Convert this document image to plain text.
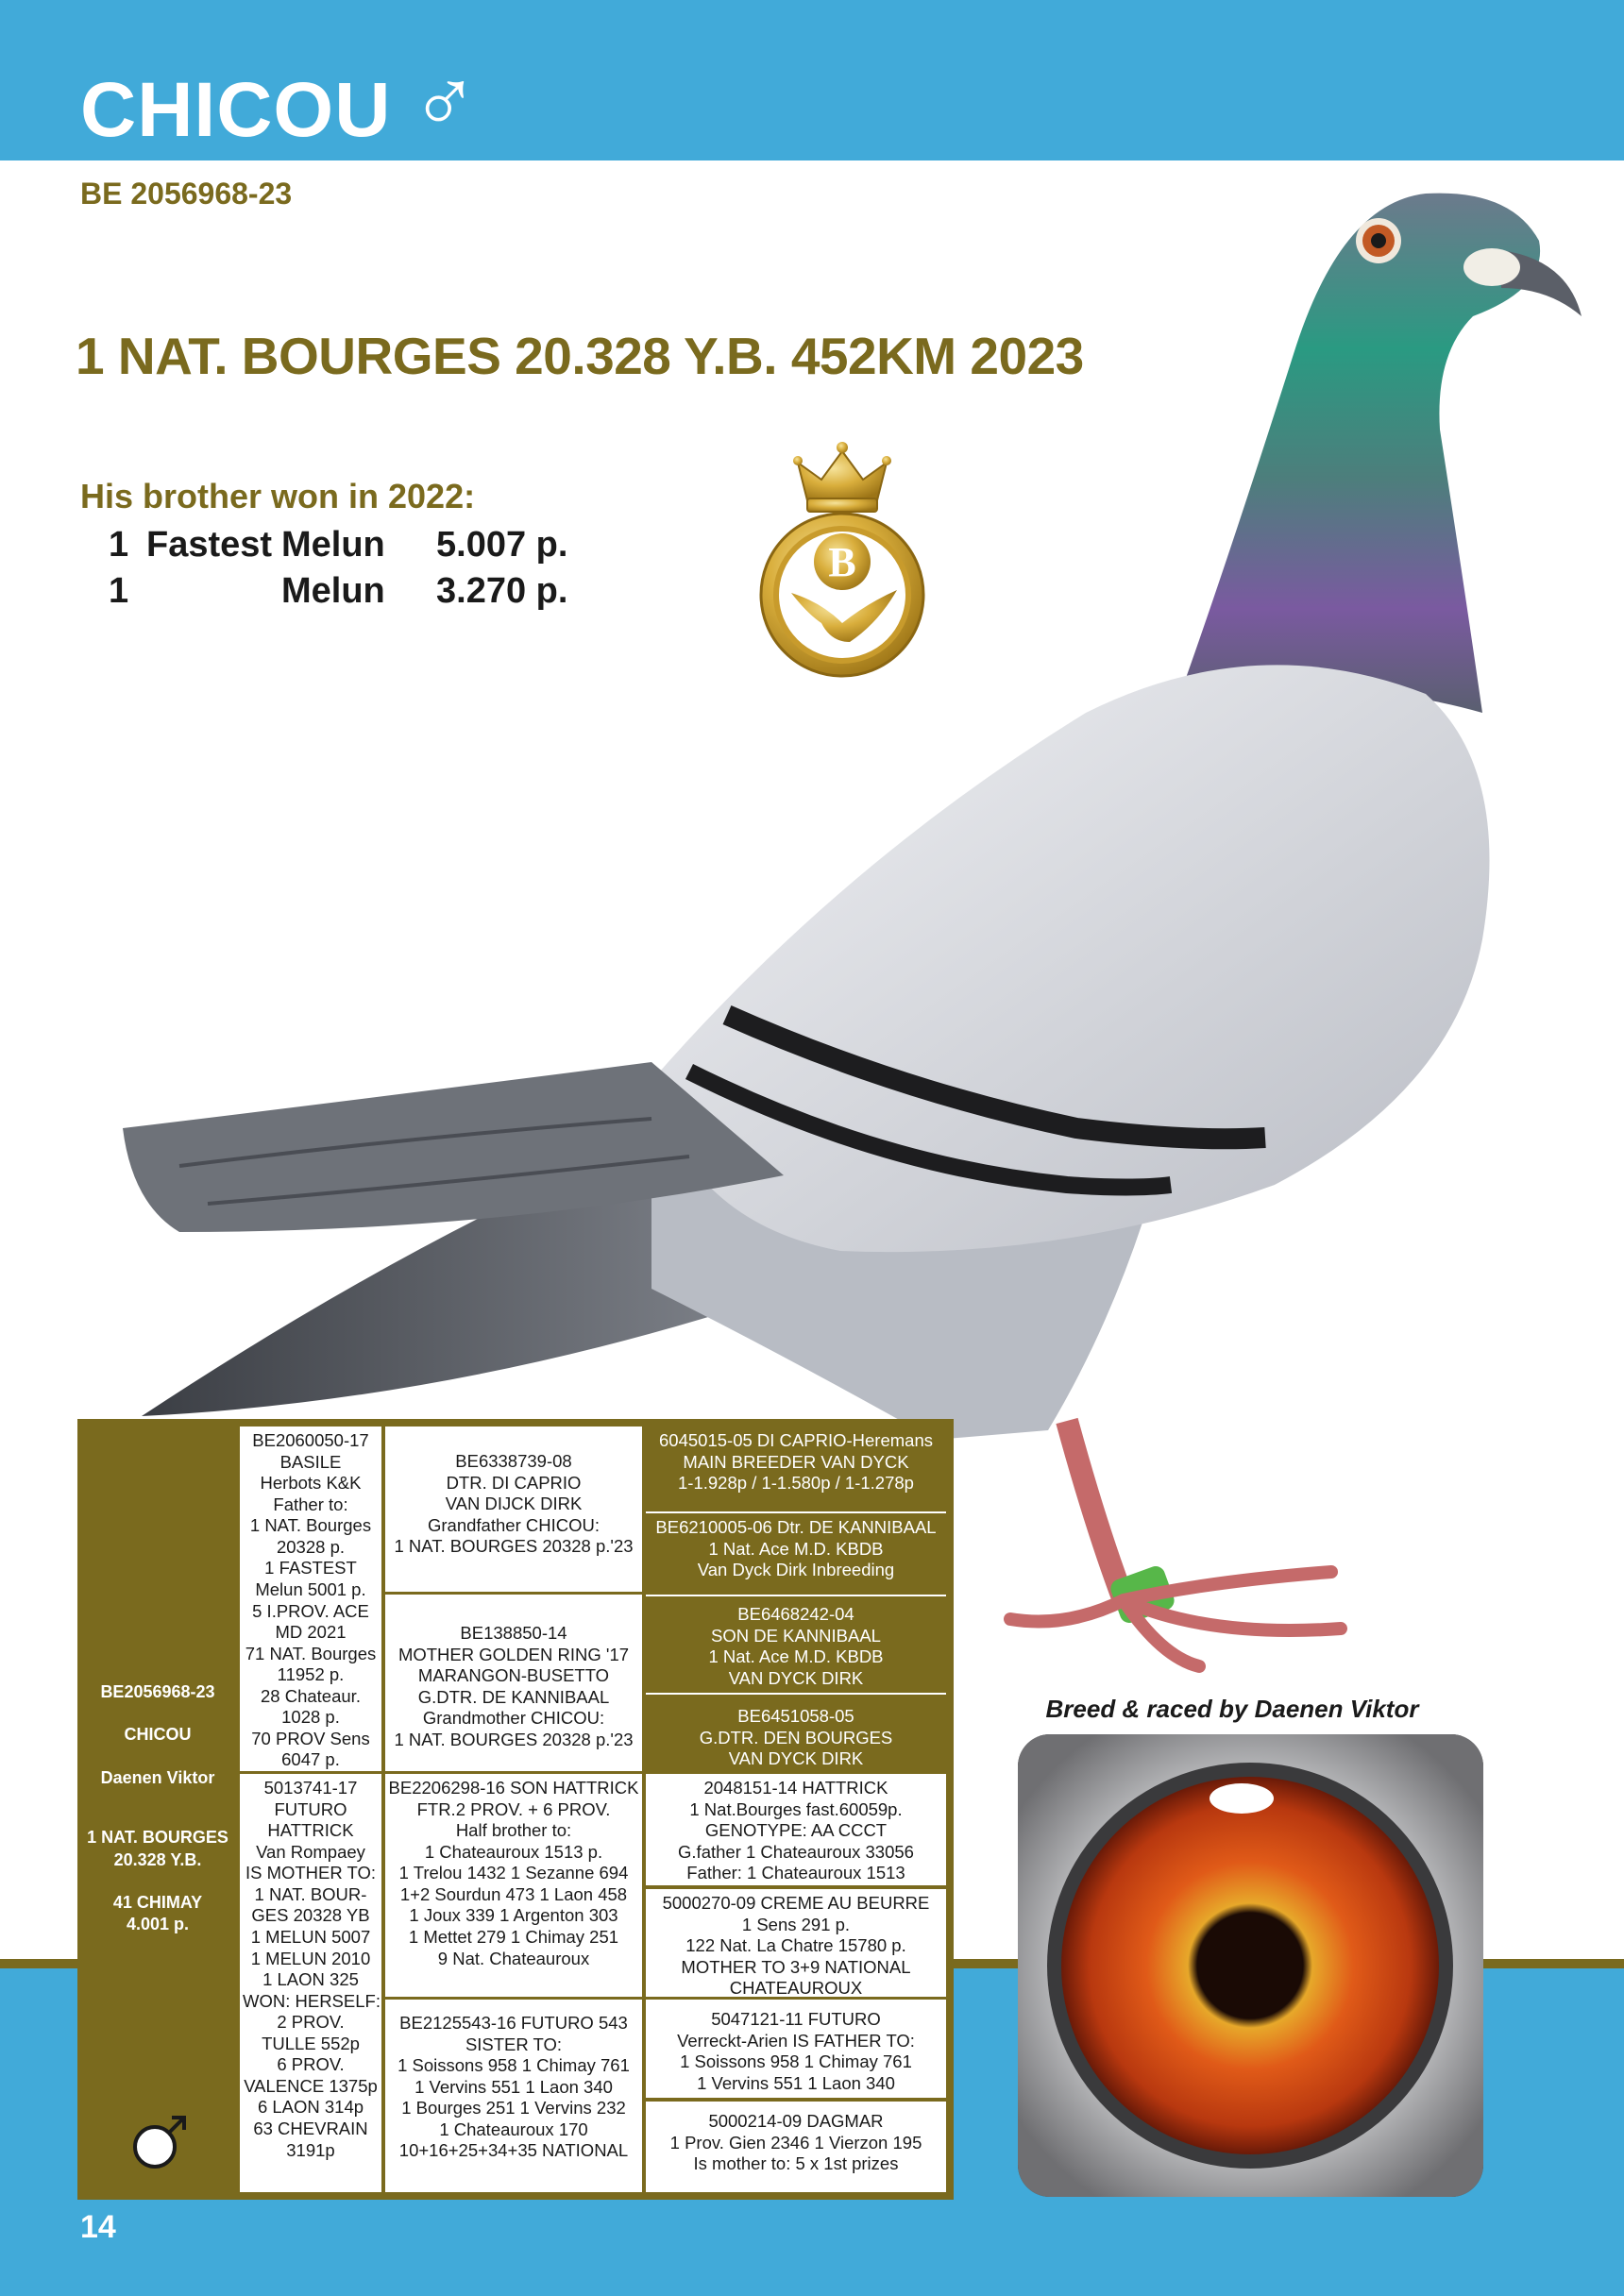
CHICOU ♂
BE 2056968-23
1 NAT. BOURGES 20.328 Y.B. 452KM 2023
His brother won in 2022:
1 Fastest Melun 5.007 p.
1	Melun 3.270 p.
B
BE2056968-23
CHICOU
Daenen Viktor
1 NAT. BOURGES
20.328 Y.B.
41 CHIMAY
4.001 p.
BE2060050-17
BASILE
Herbots K&K
Father to:
1 NAT. Bourges
20328 p.
1 FASTEST
Melun 5001 p.
5 I.PROV. ACE
MD 2021
71 NAT. Bourges
11952 p.
28 Chateaur.
1028 p.
70 PROV Sens
6047 p.
5013741-17
FUTURO
HATTRICK
Van Rompaey
IS MOTHER TO:
1 NAT. BOUR-
GES 20328 YB
1 MELUN 5007
1 MELUN 2010
1 LAON 325
WON: HERSELF:
2 PROV.
TULLE 552p
6 PROV.
VALENCE 1375p
6 LAON 314p
63 CHEVRAIN
3191p
BE6338739-08
DTR. DI CAPRIO
VAN DIJCK DIRK
Grandfather CHICOU:
1 NAT. BOURGES 20328 p.'23
BE138850-14
MOTHER GOLDEN RING '17
MARANGON-BUSETTO
G.DTR. DE KANNIBAAL
Grandmother CHICOU:
1 NAT. BOURGES 20328 p.'23
BE2206298-16 SON HATTRICK
FTR.2 PROV. + 6 PROV.
Half brother to:
1 Chateauroux 1513 p.
1 Trelou 1432 1 Sezanne 694
1+2 Sourdun 473 1 Laon 458
1 Joux 339 1 Argenton 303
1 Mettet 279 1 Chimay 251
9 Nat. Chateauroux
BE2125543-16 FUTURO 543
SISTER TO:
1 Soissons 958 1 Chimay 761
1 Vervins 551 1 Laon 340
1 Bourges 251 1 Vervins 232
1 Chateauroux 170
10+16+25+34+35 NATIONAL
6045015-05 DI CAPRIO-Heremans
MAIN BREEDER VAN DYCK
1-1.928p / 1-1.580p / 1-1.278p
BE6210005-06 Dtr. DE KANNIBAAL
1 Nat. Ace M.D. KBDB
Van Dyck Dirk Inbreeding
BE6468242-04
SON DE KANNIBAAL
1 Nat. Ace M.D. KBDB
VAN DYCK DIRK
BE6451058-05
G.DTR. DEN BOURGES
VAN DYCK DIRK
2048151-14 HATTRICK
1 Nat.Bourges fast.60059p.
GENOTYPE: AA CCCT
G.father 1 Chateauroux 33056
Father: 1 Chateauroux 1513
5000270-09 CREME AU BEURRE
1 Sens 291 p.
122 Nat. La Chatre 15780 p.
MOTHER TO 3+9 NATIONAL
CHATEAUROUX
5047121-11 FUTURO
Verreckt-Arien IS FATHER TO:
1 Soissons 958 1 Chimay 761
1 Vervins 551 1 Laon 340
5000214-09 DAGMAR
1 Prov. Gien 2346 1 Vierzon 195
Is mother to: 5 x 1st prizes
Breed & raced by Daenen Viktor
14
